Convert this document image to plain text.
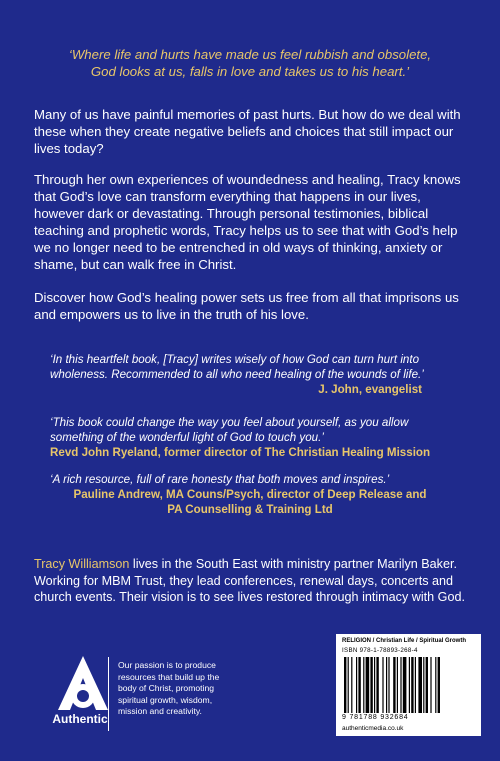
‘Where life and hurts have made us feel rubbish and obsolete,
God looks at us, falls in love and takes us to his heart.’
Many of us have painful memories of past hurts. But how do we deal with
these when they create negative beliefs and choices that still impact our
lives today?
Through her own experiences of woundedness and healing, Tracy knows
that God’s love can transform everything that happens in our lives,
however dark or devastating. Through personal testimonies, biblical
teaching and prophetic words, Tracy helps us to see that with God’s help
we no longer need to be entrenched in old ways of thinking, anxiety or
shame, but can walk free in Christ.
Discover how God’s healing power sets us free from all that imprisons us
and empowers us to live in the truth of his love.
‘In this heartfelt book, [Tracy] writes wisely of how God can turn hurt into
wholeness. Recommended to all who need healing of the wounds of life.’
J. John, evangelist
‘This book could change the way you feel about yourself, as you allow
something of the wonderful light of God to touch you.’
Revd John Ryeland, former director of The Christian Healing Mission
‘A rich resource, full of rare honesty that both moves and inspires.’
Pauline Andrew, MA Couns/Psych, director of Deep Release and
PA Counselling & Training Ltd
Tracy Williamson lives in the South East with ministry partner Marilyn Baker.
Working for MBM Trust, they lead conferences, renewal days, concerts and
church events. Their vision is to see lives restored through intimacy with God.
Authentic
Our passion is to produce
resources that build up the
body of Christ, promoting
spiritual growth, wisdom,
mission and creativity.
RELIGION / Christian Life / Spiritual Growth
ISBN 978-1-78893-268-4
9 781788 932684
authenticmedia.co.uk
